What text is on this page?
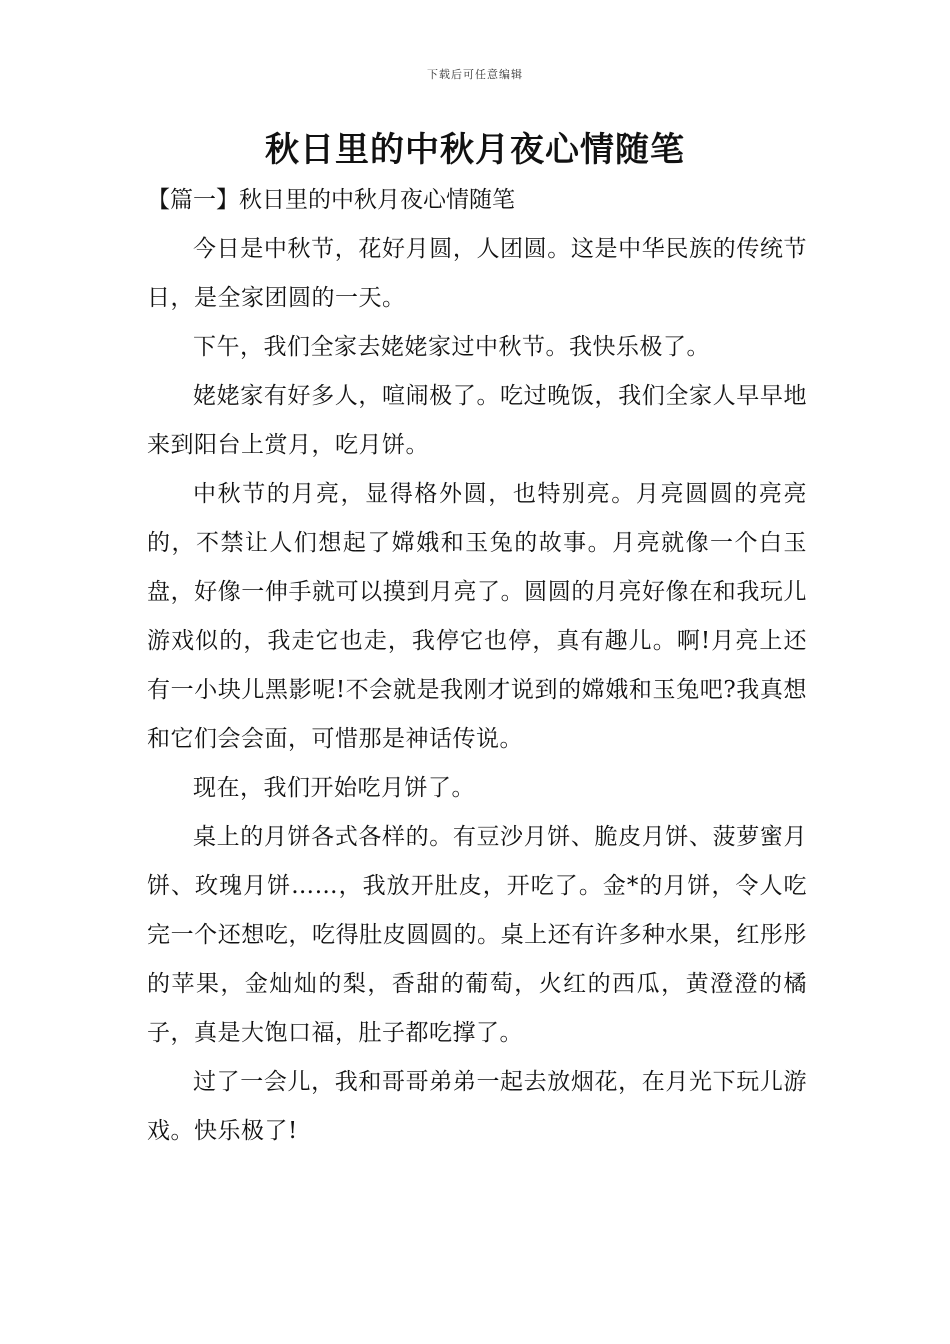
下载后可任意编辑
秋日里的中秋月夜心情随笔
【篇一】秋日里的中秋月夜心情随笔

今日是中秋节，花好月圆，人团圆。这是中华民族的传统节日，是全家团圆的一天。

下午，我们全家去姥姥家过中秋节。我快乐极了。

姥姥家有好多人，喧闹极了。吃过晚饭，我们全家人早早地来到阳台上赏月，吃月饼。

中秋节的月亮，显得格外圆，也特别亮。月亮圆圆的亮亮的，不禁让人们想起了嫦娥和玉兔的故事。月亮就像一个白玉盘，好像一伸手就可以摸到月亮了。圆圆的月亮好像在和我玩儿游戏似的，我走它也走，我停它也停，真有趣儿。啊!月亮上还有一小块儿黑影呢!不会就是我刚才说到的嫦娥和玉兔吧?我真想和它们会会面，可惜那是神话传说。

现在，我们开始吃月饼了。

桌上的月饼各式各样的。有豆沙月饼、脆皮月饼、菠萝蜜月饼、玫瑰月饼……，我放开肚皮，开吃了。金*的月饼，令人吃完一个还想吃，吃得肚皮圆圆的。桌上还有许多种水果，红彤彤的苹果，金灿灿的梨，香甜的葡萄，火红的西瓜，黄澄澄的橘子，真是大饱口福，肚子都吃撑了。

过了一会儿，我和哥哥弟弟一起去放烟花，在月光下玩儿游戏。快乐极了!
